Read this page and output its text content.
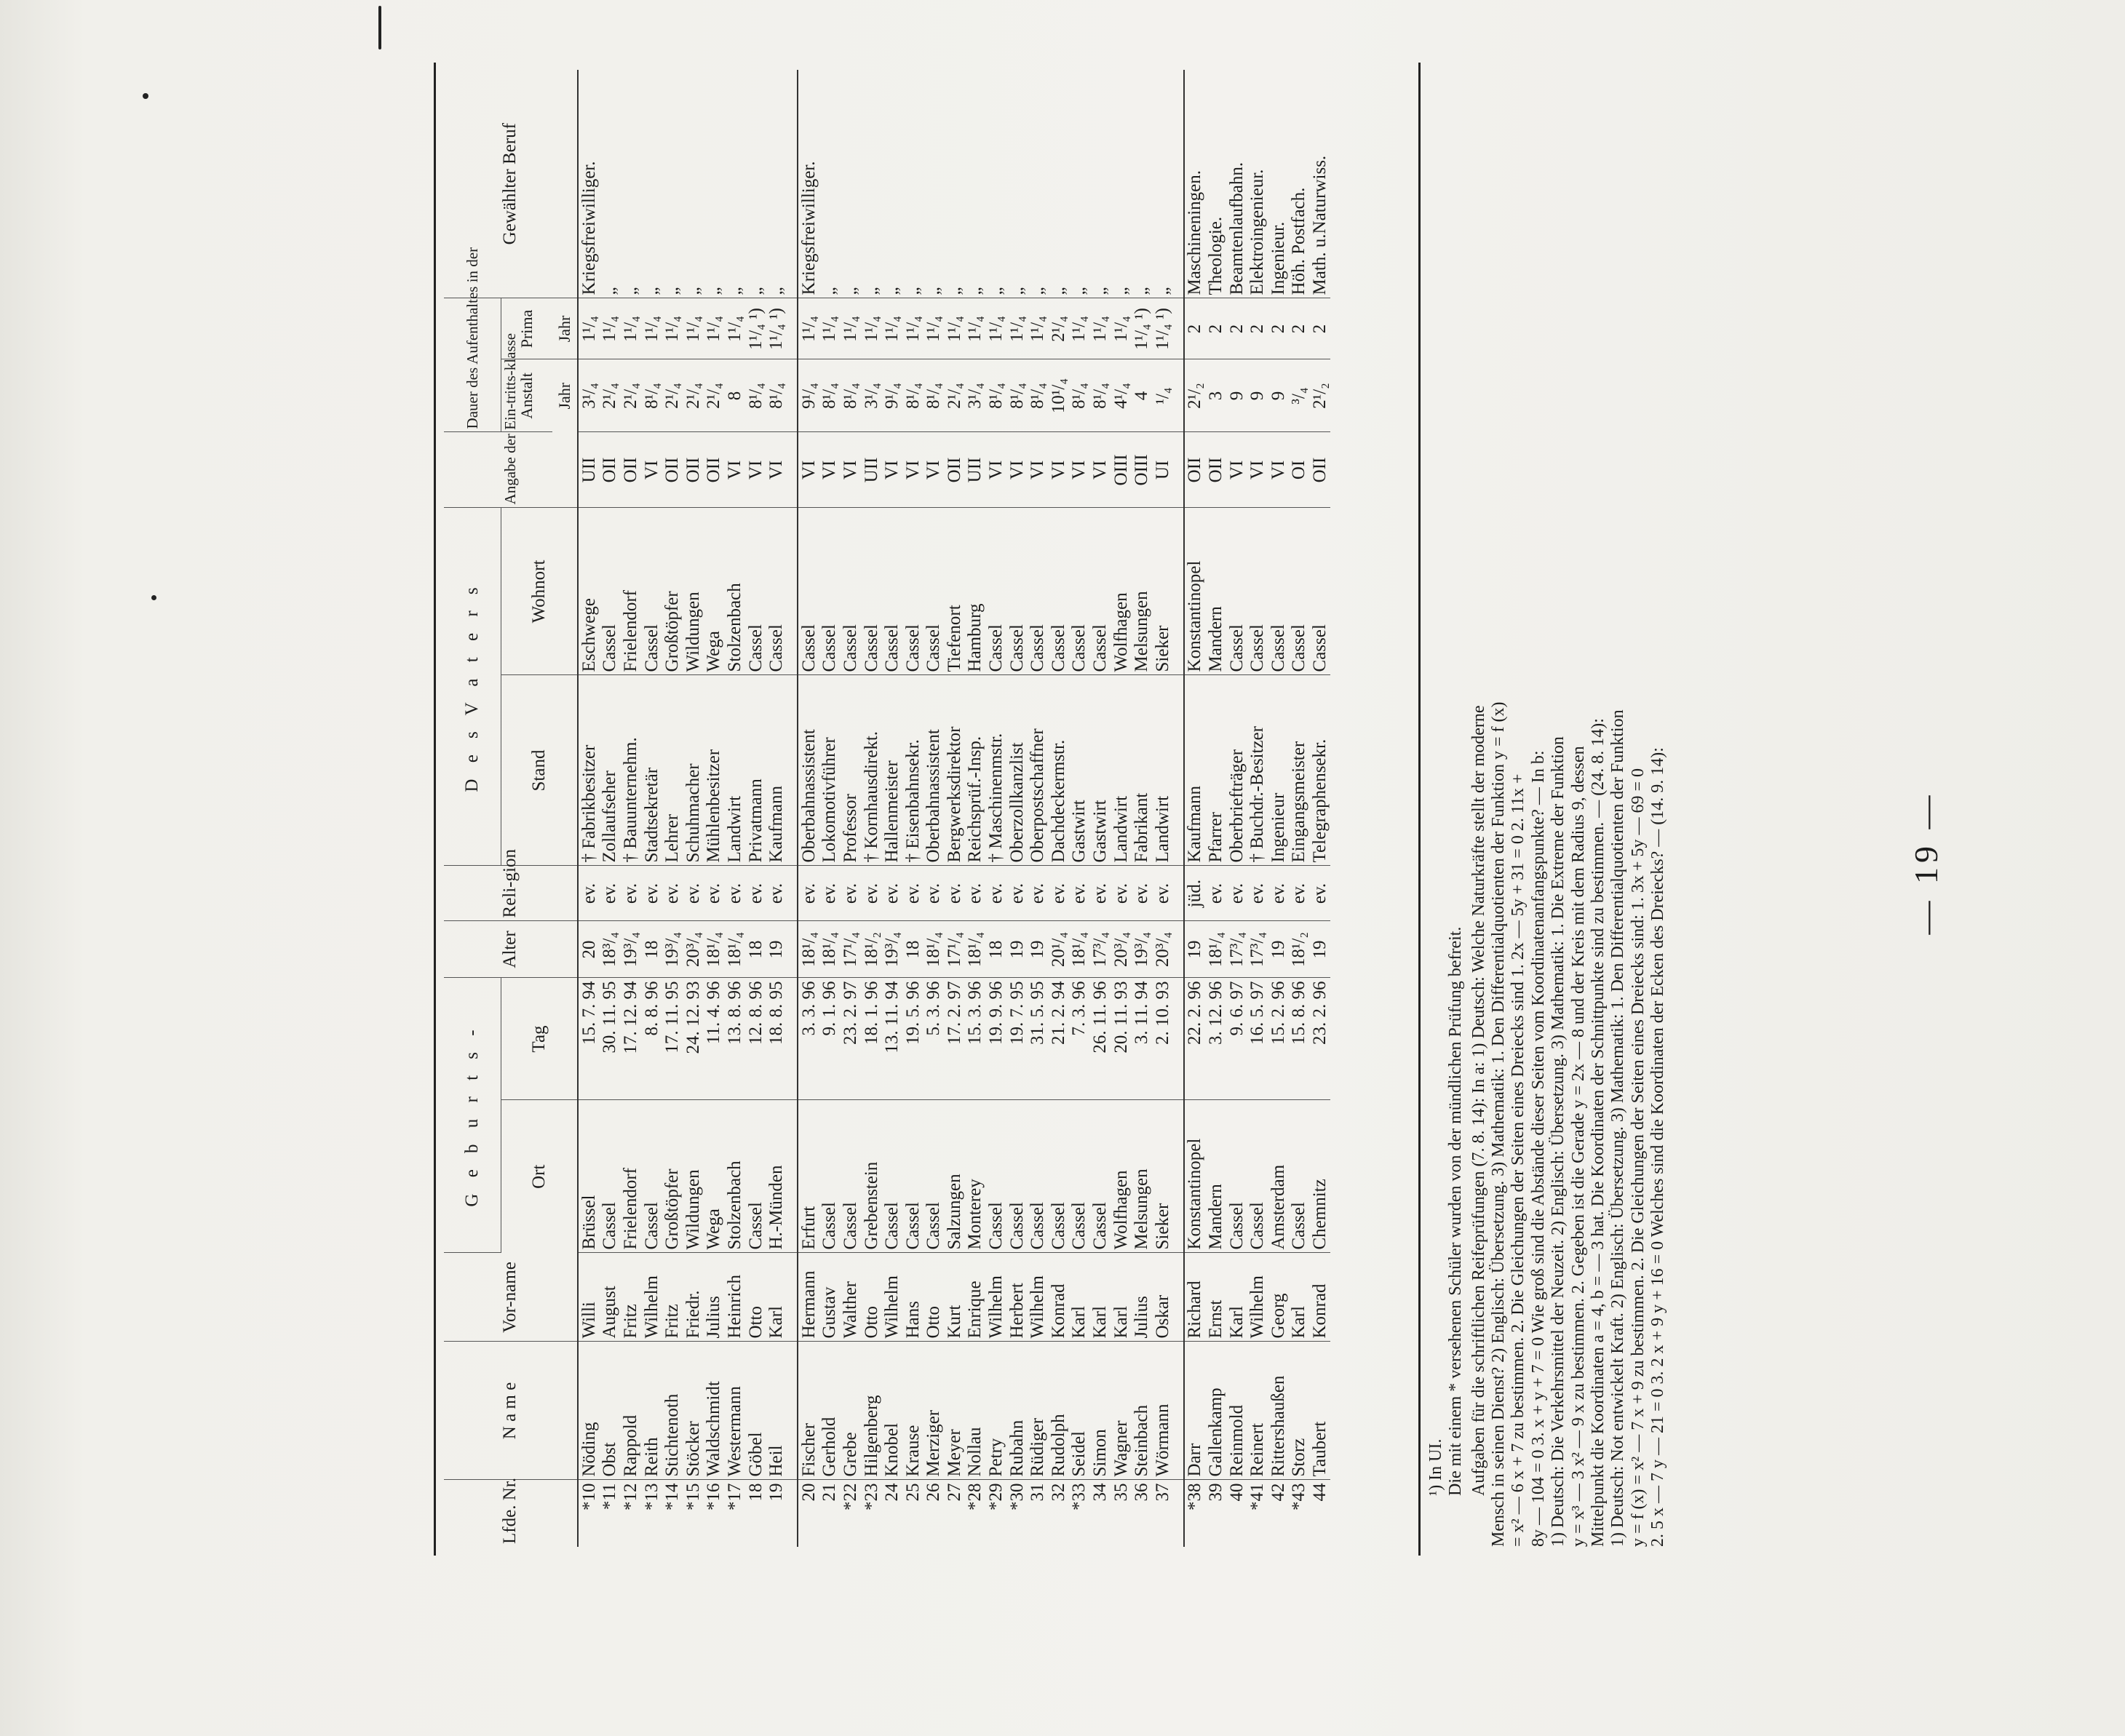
— 19 —
Lfde. Nr.	N a m e	Vor-name	G e b u r t s -		Alter	Reli-gion	D e s V a t e r s		Angabe der Ein-tritts-klasse	Dauer des Aufenthaltes in der		Gewählter Beruf
			Ort	Tag			Stand	Wohnort		Anstalt	Prima	
										Jahr	Jahr	
*10	Nöding	Willi	Brüssel	15. 7. 94	20	ev.	† Fabrikbesitzer	Eschwege	UII	3¹/₄	1¹/₄	Kriegsfreiwilliger.
*11	Obst	August	Cassel	30. 11. 95	18³/₄	ev.	Zollaufseher	Cassel	OII	2¹/₄	1¹/₄	„
*12	Rappold	Fritz	Frielendorf	17. 12. 94	19³/₄	ev.	† Bauunternehm.	Frielendorf	OII	2¹/₄	1¹/₄	„
*13	Reith	Wilhelm	Cassel	8. 8. 96	18	ev.	Stadtsekretär	Cassel	VI	8¹/₄	1¹/₄	„
*14	Stichtenoth	Fritz	Großtöpfer	17. 11. 95	19³/₄	ev.	Lehrer	Großtöpfer	OII	2¹/₄	1¹/₄	„
*15	Stöcker	Friedr.	Wildungen	24. 12. 93	20³/₄	ev.	Schuhmacher	Wildungen	OII	2¹/₄	1¹/₄	„
*16	Waldschmidt	Julius	Wega	11. 4. 96	18¹/₄	ev.	Mühlenbesitzer	Wega	OII	2¹/₄	1¹/₄	„
*17	Westermann	Heinrich	Stolzenbach	13. 8. 96	18¹/₄	ev.	Landwirt	Stolzenbach	VI	8	1¹/₄	„
18	Göbel	Otto	Cassel	12. 8. 96	18	ev.	Privatmann	Cassel	VI	8¹/₄	1¹/₄ ¹)	„
19	Heil	Karl	H.-Münden	18. 8. 95	19	ev.	Kaufmann	Cassel	VI	8¹/₄	1¹/₄ ¹)	„

20	Fischer	Hermann	Erfurt	3. 3. 96	18¹/₄	ev.	Oberbahnassistent	Cassel	VI	9¹/₄	1¹/₄	Kriegsfreiwilliger.
21	Gerhold	Gustav	Cassel	9. 1. 96	18¹/₄	ev.	Lokomotivführer	Cassel	VI	8¹/₄	1¹/₄	„
*22	Grebe	Walther	Cassel	23. 2. 97	17¹/₄	ev.	Professor	Cassel	VI	8¹/₄	1¹/₄	„
*23	Hilgenberg	Otto	Grebenstein	18. 1. 96	18¹/₂	ev.	† Kornhausdirekt.	Cassel	UII	3¹/₄	1¹/₄	„
24	Knobel	Wilhelm	Cassel	13. 11. 94	19³/₄	ev.	Hallenmeister	Cassel	VI	9¹/₄	1¹/₄	„
25	Krause	Hans	Cassel	19. 5. 96	18	ev.	† Eisenbahnsekr.	Cassel	VI	8¹/₄	1¹/₄	„
26	Merziger	Otto	Cassel	5. 3. 96	18¹/₄	ev.	Oberbahnassistent	Cassel	VI	8¹/₄	1¹/₄	„
27	Meyer	Kurt	Salzungen	17. 2. 97	17¹/₄	ev.	Bergwerksdirektor	Tiefenort	OII	2¹/₄	1¹/₄	„
*28	Nollau	Enrique	Monterey	15. 3. 96	18¹/₄	ev.	Reichsprüf.-Insp.	Hamburg	UII	3¹/₄	1¹/₄	„
*29	Petry	Wilhelm	Cassel	19. 9. 96	18	ev.	† Maschinenmstr.	Cassel	VI	8¹/₄	1¹/₄	„
*30	Rubahn	Herbert	Cassel	19. 7. 95	19	ev.	Oberzollkanzlist	Cassel	VI	8¹/₄	1¹/₄	„
31	Rüdiger	Wilhelm	Cassel	31. 5. 95	19	ev.	Oberpostschaffner	Cassel	VI	8¹/₄	1¹/₄	„
32	Rudolph	Konrad	Cassel	21. 2. 94	20¹/₄	ev.	Dachdeckermstr.	Cassel	VI	10¹/₄	2¹/₄	„
*33	Seidel	Karl	Cassel	7. 3. 96	18¹/₄	ev.	Gastwirt	Cassel	VI	8¹/₄	1¹/₄	„
34	Simon	Karl	Cassel	26. 11. 96	17³/₄	ev.	Gastwirt	Cassel	VI	8¹/₄	1¹/₄	„
35	Wagner	Karl	Wolfhagen	20. 11. 93	20³/₄	ev.	Landwirt	Wolfhagen	OIII	4¹/₄	1¹/₄	„
36	Steinbach	Julius	Melsungen	3. 11. 94	19³/₄	ev.	Fabrikant	Melsungen	OIII	4	1¹/₄ ¹)	„
37	Wörmann	Oskar	Sieker	2. 10. 93	20³/₄	ev.	Landwirt	Sieker	UI	¹/₄	1¹/₄ ¹)	„

*38	Darr	Richard	Konstantinopel	22. 2. 96	19	jüd.	Kaufmann	Konstantinopel	OII	2¹/₂	2	Maschineningen.
39	Gallenkamp	Ernst	Mandern	3. 12. 96	18¹/₄	ev.	Pfarrer	Mandern	OII	3	2	Theologie.
40	Reinmold	Karl	Cassel	9. 6. 97	17³/₄	ev.	Oberbriefträger	Cassel	VI	9	2	Beamtenlaufbahn.
*41	Reinert	Wilhelm	Cassel	16. 5. 97	17³/₄	ev.	† Buchdr.-Besitzer	Cassel	VI	9	2	Elektroingenieur.
42	Rittershaußen	Georg	Amsterdam	15. 2. 96	19	ev.	Ingenieur	Cassel	VI	9	2	Ingenieur.
*43	Storz	Karl	Cassel	15. 8. 96	18¹/₂	ev.	Eingangsmeister	Cassel	OI	³/₄	2	Höh. Postfach.
44	Taubert	Konrad	Chemnitz	23. 2. 96	19	ev.	Telegraphensekr.	Cassel	OII	2¹/₂	2	Math. u.Naturwiss.

¹) In UI. Die mit einem * versehenen Schüler wurden von der mündlichen Prüfung befreit. Aufgaben für die schriftlichen Reifeprüfungen (7. 8. 14): In a: 1) Deutsch: Welche Naturkräfte stellt der moderne Mensch in seinen Dienst? 2) Englisch: Übersetzung. 3) Mathematik: 1. Den Differentialquotienten der Funktion y = f (x) = x² — 6 x + 7 zu bestimmen. 2. Die Gleichungen der Seiten eines Dreiecks sind 1. 2x — 5y + 31 = 0 2. 11x + 8y — 104 = 0 3. x + y + 7 = 0 Wie groß sind die Abstände dieser Seiten vom Koordinatenanfangspunkte? — In b: 1) Deutsch: Die Verkehrsmittel der Neuzeit. 2) Englisch: Übersetzung. 3) Mathematik: 1. Die Extreme der Funktion y = x³ — 3 x² — 9 x zu bestimmen. 2. Gegeben ist die Gerade y = 2x — 8 und der Kreis mit dem Radius 9, dessen Mittelpunkt die Koordinaten a = 4, b = — 3 hat. Die Koordinaten der Schnittpunkte sind zu bestimmen. — (24. 8. 14): 1) Deutsch: Not entwickelt Kraft. 2) Englisch: Übersetzung. 3) Mathematik: 1. Den Differentialquotienten der Funktion y = f (x) = x² — 7 x + 9 zu bestimmen. 2. Die Gleichungen der Seiten eines Dreiecks sind: 1. 3x + 5y — 69 = 0 2. 5 x — 7 y — 21 = 0 3. 2 x + 9 y + 16 = 0 Welches sind die Koordinaten der Ecken des Dreiecks? — (14. 9. 14):
